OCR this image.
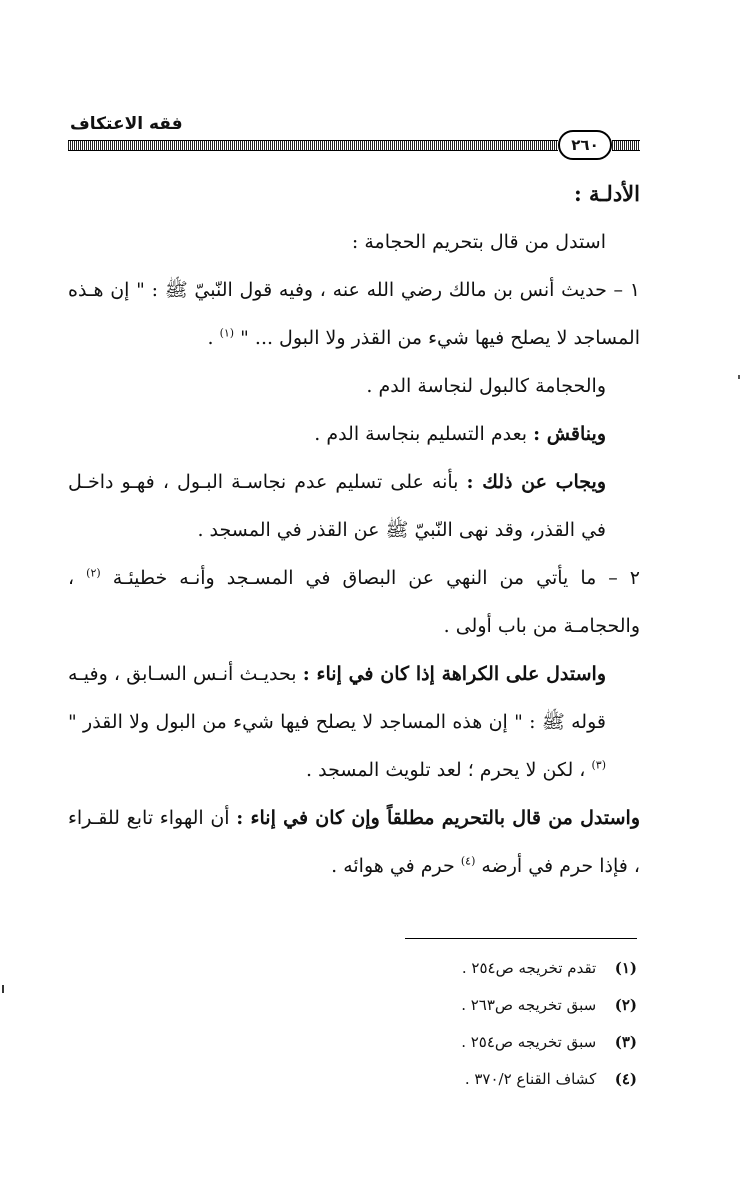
فقه الاعتكاف
٢٦٠

الأدلـة :

استدل من قال بتحريم الحجامة :

١ – حديث أنس بن مالك رضي الله عنه ، وفيه قول النّبيّ ﷺ : " إن هـذه المساجد لا يصلح فيها شيء من القذر ولا البول ... " $^{(١)}$ .

والحجامة كالبول لنجاسة الدم .

ويناقش : بعدم التسليم بنجاسة الدم .

ويجاب عن ذلك : بأنه على تسليم عدم نجاسـة البـول ، فهـو داخـل في القذر، وقد نهى النّبيّ ﷺ عن القذر في المسجد .

٢ – ما يأتي من النهي عن البصاق في المسـجد وأنـه خطيئـة $^{(٢)}$ ، والحجامـة من باب أولى .

واستدل على الكراهة إذا كان في إناء : بحديـث أنـس السـابق ، وفيـه قوله ﷺ : " إن هذه المساجد لا يصلح فيها شيء من البول ولا القذر " $^{(٣)}$ ، لكن لا يحرم ؛ لعد تلويث المسجد .

واستدل من قال بالتحريم مطلقاً وإن كان في إناء : أن الهواء تابع للقـراء ، فإذا حرم في أرضه $^{(٤)}$ حرم في هوائه .

(١) تقدم تخريجه ص٢٥٤ .

(٢) سبق تخريجه ص٢٦٣ .

(٣) سبق تخريجه ص٢٥٤ .

(٤) كشاف القناع ٣٧٠/٢ .
